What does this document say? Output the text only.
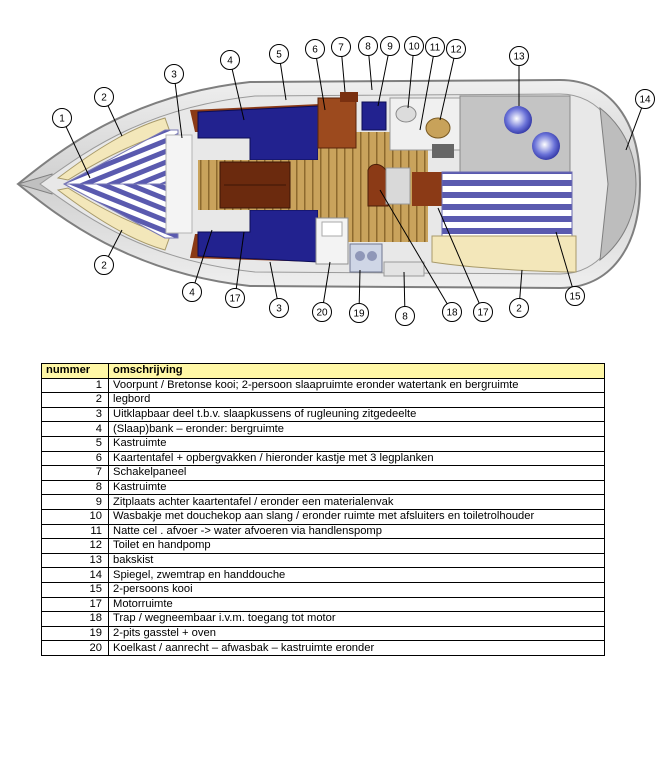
1
2
2
3
4
5	6 7 8 9 10 11 12
13
14
2
15
17
18
8
19
3	20
17
4
nummer	omschrijving
1	Voorpunt / Bretonse kooi; 2-persoon slaapruimte eronder watertank en bergruimte
2	legbord
3	Uitklapbaar deel t.b.v. slaapkussens of rugleuning zitgedeelte
4	(Slaap)bank – eronder: bergruimte
5	Kastruimte
6	Kaartentafel + opbergvakken / hieronder kastje met 3 legplanken
7	Schakelpaneel
8	Kastruimte
9	Zitplaats achter kaartentafel / eronder een materialenvak
10	Wasbakje met douchekop aan slang / eronder ruimte met afsluiters en toiletrolhouder
11	Natte cel . afvoer -> water afvoeren via handlenspomp
12	Toilet en handpomp
13	bakskist
14	Spiegel, zwemtrap en handdouche
15	2-persoons kooi
17	Motorruimte
18	Trap / wegneembaar i.v.m. toegang tot motor
19	2-pits gasstel + oven
20	Koelkast / aanrecht – afwasbak – kastruimte eronder
